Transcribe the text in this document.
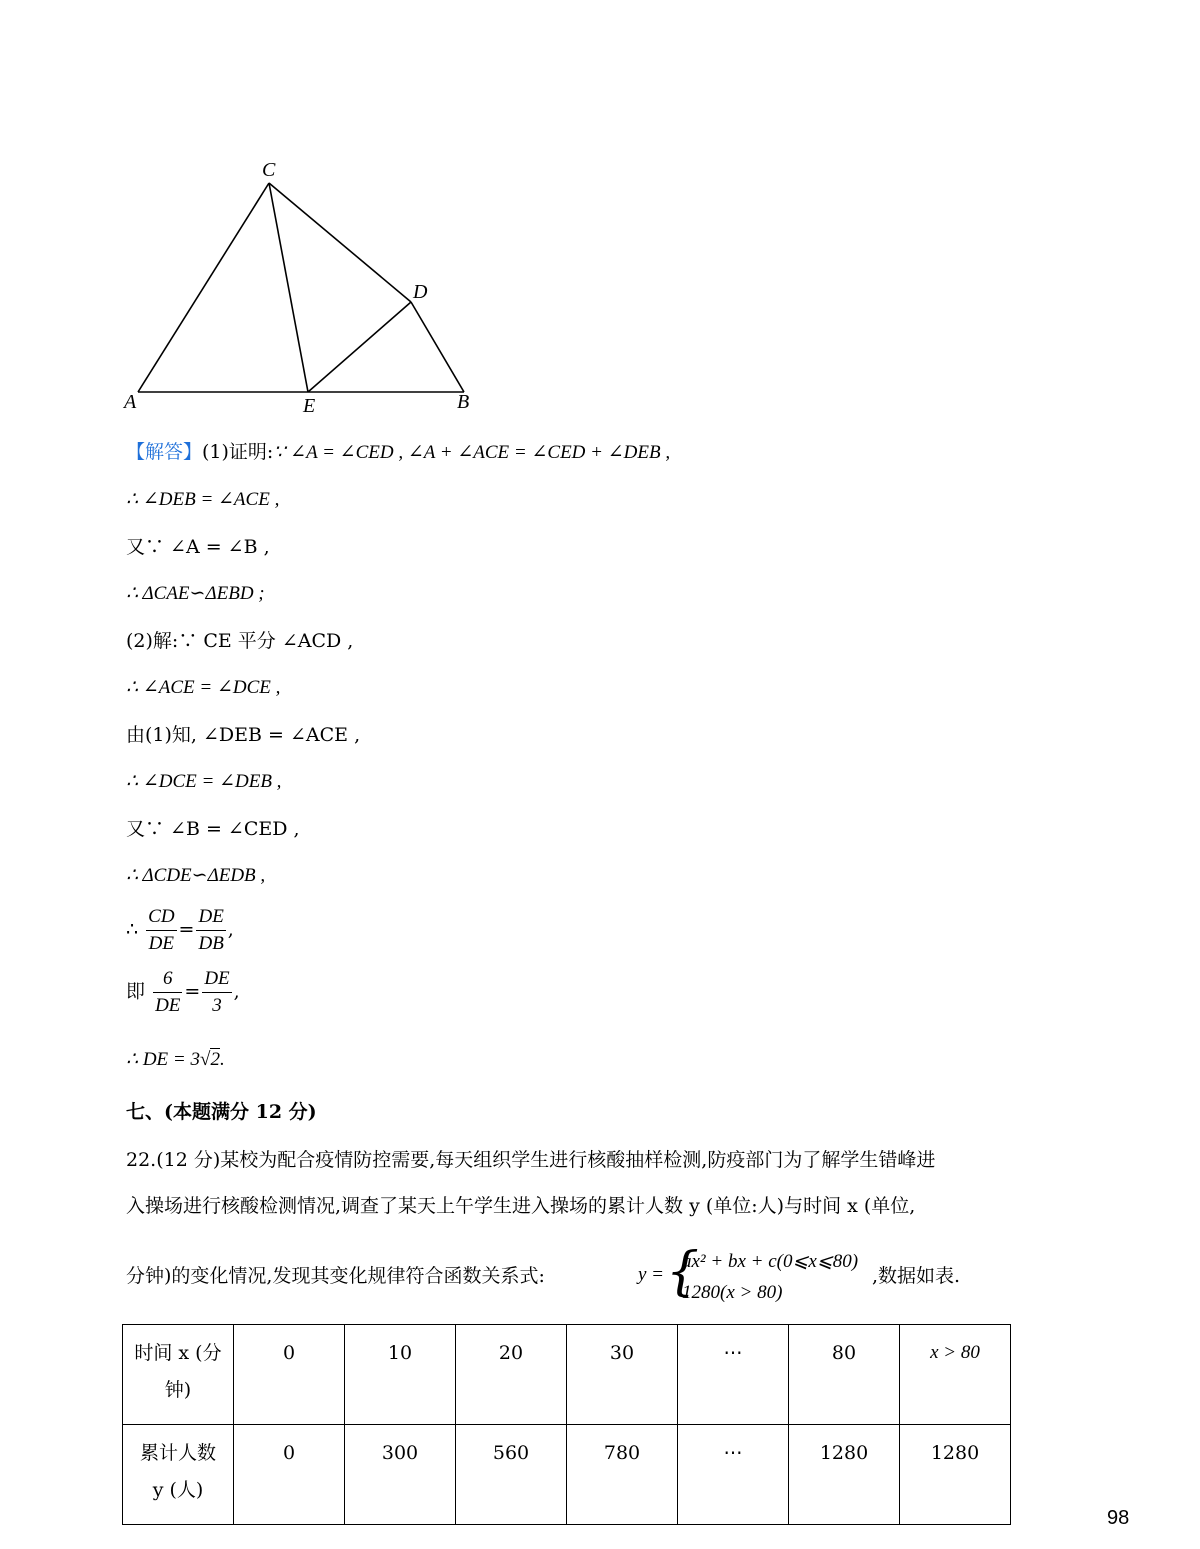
C
D
A	E	B
【解答】(1)证明:∵ ∠A = ∠CED , ∠A + ∠ACE = ∠CED + ∠DEB ,
∴ ∠DEB = ∠ACE ,
又∵ ∠A = ∠B ,
∴ ΔCAE∽ΔEBD ;
(2)解:∵ CE 平分 ∠ACD ,
∴ ∠ACE = ∠DCE ,
由(1)知, ∠DEB = ∠ACE ,
∴ ∠DCE = ∠DEB ,
又∵ ∠B = ∠CED ,
∴ ΔCDE∽ΔEDB ,
∴ $\frac{CD}{DE} = \frac{DE}{DB}$ ,
即 $\frac{6}{DE} = \frac{DE}{3}$ ,
∴ DE = 3√2.
七、(本题满分 12 分)
22.(12 分)某校为配合疫情防控需要,每天组织学生进行核酸抽样检测,防疫部门为了解学生错峰进
入操场进行核酸检测情况,调查了某天上午学生进入操场的累计人数 y (单位:人)与时间 x (单位,
分钟)的变化情况,发现其变化规律符合函数关系式:	y = {
ax² + bx + c(0⩽x⩽80)
1280(x > 80)
,数据如表.
时间 x (分
钟)	0	10	20	30	⋯	80	x > 80

累计人数
y (人)	0	300	560	780	⋯	1280	1280
98
